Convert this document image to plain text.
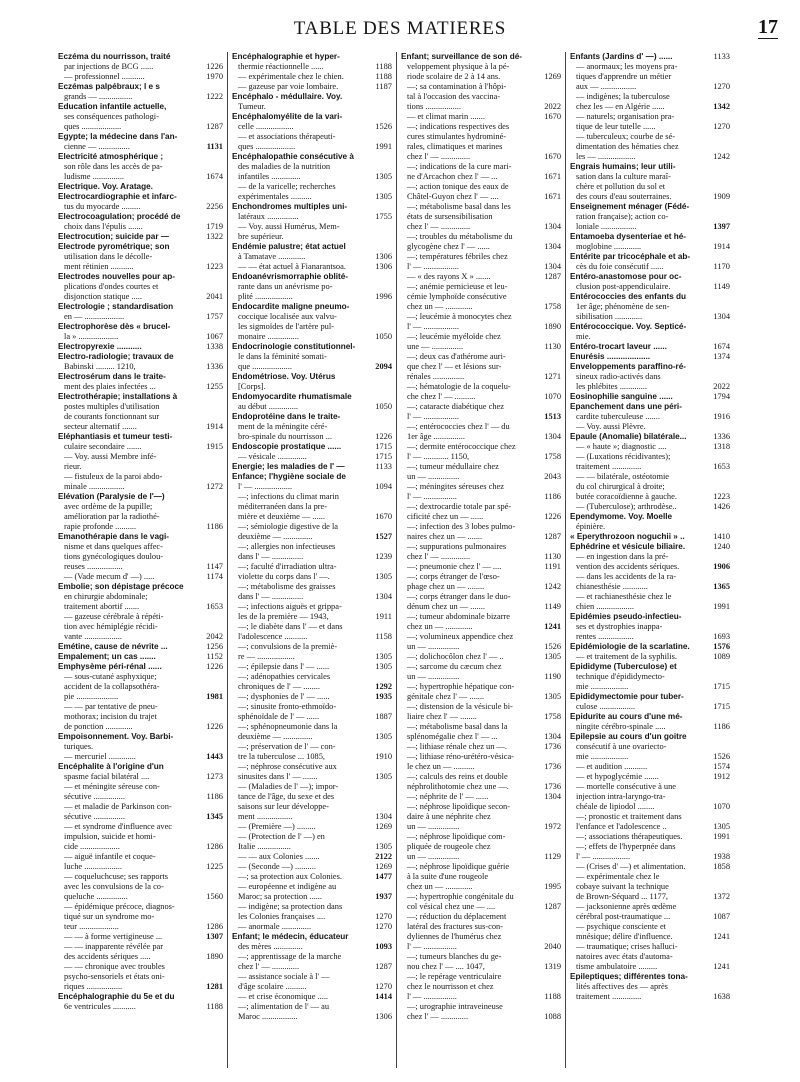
TABLE DES MATIERES	17
Eczéma du nourrisson, traité
par injections de BCG ......	1226
— professionnel ...........	1970
Eczémas palpébraux; l e s
grands — ................	1222
Education infantile actuelle,
ses conséquences pathologi-
ques ...................	1287
Egypte; la médecine dans l'an-
cienne — ...............	1131
Electricité atmosphérique ;
son rôle dans les accès de pa-
ludisme ...............	1674
Electrique. Voy. Aratage.
Electrocardiographie et infarc-
tus du myocarde .........	2256
Electrocoagulation; procédé de
choix dans l'épulis .......	1719
Electrocution; suicide par —	1322
Electrode pyrométrique; son
utilisation dans le décolle-
ment rétinien ...........	1223
Electrodes nouvelles pour ap-
plications d'ondes courtes et
disjonction statique .....	2041
Electrologie ; standardisation
en — ...................	1757
Electrophorèse dès « brucel-
la » ...................	1067
Electropyrexie ...........	1338
Electro-radiologie; travaux de
Babinski ......... 1210,	1336
Electrosérum dans le traite-
ment des plaies infectées ...	1255
Electrothérapie; installations à
postes multiples d'utilisation
de courants fonctionnant sur
secteur alternatif .......	1914
Eléphantiasis et tumeur testi-
culaire secondaire .......	1915
— Voy. aussi Membre infé-
rieur.
— fistuleux de la paroi abdo-
minale .................	1272
Elévation (Paralysie de l'—)
avec ordème de la pupille;
amélioration par la radiothé-
rapie profonde ..........	1186
Emanothérapie dans le vagi-
nisme et dans quelques affec-
tions gynécologiques doulou-
reuses .................	1147
— (Vade mecum d' —) .....	1174
Embolie; son dépistage précoce
en chirurgie abdominale;
traitement abortif .......	1653
— gazeuse cérébrale à répéti-
tion avec hémiplégie récidi-
vante ..................	2042
Emétine, cause de névrite ...	1256
Empalement; un cas .......	1152
Emphysème péri-rénal ......	1226
— sous-cutané asphyxique;
accident de la collapsothéra-
pie ....................	1981
— — par tentative de pneu-
mothorax; incision du trajet
de ponction .............	1226
Empoisonnement. Voy. Barbi-
turiques.
— mercuriel .............	1443
Encéphalite à l'origine d'un
spasme facial bilatéral ....	1273
— et méningite séreuse con-
sécutive ...............	1186
— et maladie de Parkinson con-
sécutive ...............	1345
— et syndrome d'influence avec
impulsion, suicide et homi-
cide ...................	1286
— aiguë infantile et coque-
luche ..................	1225
— coqueluchcuse; ses rapports
avec les convulsions de la co-
queluche ...............	1560
— épidémique précoce, diagnos-
tiqué sur un syndrome mo-
teur ...................	1286
— — à forme vertigineuse ...	1307
— — inapparente révélée par
des accidents sériques .....	1890
— — chronique avec troubles
psycho-sensoriels et états oni-
riques .................	1281
Encéphalographie du 5e et du
6e ventricules ...........	1188
Encéphalographie et hyper-
thermie réactionnelle ......	1188
— expérimentale chez le chien.	1188
— gazeuse par voie lombaire.	1187
Encéphalo - médullaire. Voy.
Tumeur.
Encéphalomyélite de la vari-
celle ..................	1526
— et associations thérapeuti-
ques ...................	1991
Encéphalopathie consécutive à
des maladies de la nutrition
infantiles ..............	1305
— de la varicelle; recherches
expérimentales ..........	1305
Enchondromes multiples uni-
latéraux ...............	1755
— Voy. aussi Humérus, Mem-
bre supérieur.
Endémie palustre; état actuel
à Tamatave .............	1306
— — état actuel à Fianarantsoa.	1306
Endoanévrismorraphie oblité-
rante dans un anévrisme po-
plité ..................	1996
Endocardite maligne pneumo-
coccique localisée aux valvu-
les sigmoïdes de l'artère pul-
monaire ...............	1050
Endocrinologie constitutionnel-
le dans la féminité somati-
que ...................	2094
Endométriose. Voy. Utérus
[Corps].
Endomyocardite rhumatismale
au début ..............	1050
Endoprotéine dans le traite-
ment de la méningite céré-
bro-spinale du nourrisson ...	1226
Endoscopie prostatique ......	1715
— vésicale ..............	1715
Energie; les maladies de l' —	1133
Enfance; l'hygiène sociale de
l' — ..................	1094
—; infections du climat marin
méditerranéen dans la pre-
mière et deuxième — ......	1670
—; sémiologie digestive de la
deuxième — ..............	1527
—; allergies non infectieuses
dans l' — ...............	1239
—; faculté d'irradiation ultra-
violette du corps dans l' —.	1305
—; métabolisme des graisses
dans l' — ...............	1304
—; infections aiguës et grippa-
les de la première — 1943,	1911
—; le diabète dans l' — et dans
l'adolescence ...........	1158
—; convulsions de la premiè-
re — ..................	1305
—; épilepsie dans l' — ......	1305
—; adénopathies cervicales
chroniques de l' — ........	1292
—; dysphonies de l' — ......	1935
—; sinusite fronto-ethmoïdo-
sphénoïdale de l' — ......	1887
—; sphénopneumonie dans la
deuxième — ..............	1305
—; préservation de l' — con-
tre la tuberculose ... 1085,	1910
—; néphrose consécutive aux
sinusites dans l' — .......	1305
— (Maladies de l' —); impor-
tance de l'âge, du sexe et des
saisons sur leur développe-
ment .................	1304
— (Première —) .........	1269
— (Protection de l' —) en
Italie ................	1305
— — aux Colonies .......	2122
— (Seconde —) ..........	1269
—; sa protection aux Colonies.	1477
— européenne et indigène au
Maroc; sa protection ......	1937
— indigène; sa protection dans
les Colonies françaises ....	1270
— anormale ..............	1270
Enfant; le médecin, éducateur
des mères ..............	1093
—; apprentissage de la marche
chez l' — .............	1287
— assistance sociale à l' —
d'âge scolaire ..........	1270
— et crise économique .....	1414
—; alimentation de l' — au
Maroc .................	1306
Enfant; surveillance de son dé-
veloppement physique à la pé-
riode scolaire de 2 à 14 ans.	1269
—; sa contamination à l'hôpi-
tal à l'occasion des vaccina-
tions .................	2022
— et climat marin .......	1670
—; indications respectives des
cures stimulantes hydrominé-
rales, climatiques et marines
chez l' — ..............	1670
—; indications de la cure mari-
ne d'Arcachon chez l' — ...	1671
—; action tonique des eaux de
Châtel-Guyon chez l' — ....	1671
—; métabolisme basal dans les
états de sursensibilisation
chez l' — ..............	1304
—; troubles du métabolisme du
glycogène chez l' — ......	1304
—; températures fébriles chez
l' — .................	1304
— « des rayons X » .......	1287
—; anémie pernicieuse et leu-
cémie lymphoïde consécutive
chez un — .............	1758
—; leucémie à monocytes chez
l' — .................	1890
—; leucémie myéloïde chez
une — ...............	1130
—; deux cas d'athérome auri-
que chez l' — et lésions sur-
rénales ...............	1271
—; hématologie de la coquelu-
che chez l' — ..........	1070
—; cataracte diabétique chez
l' — .................	1513
—; entérococcies chez l' — du
1er âge ...............	1304
—; dermite entérococcique chez
l' — ............ 1150,	1758
—; tumeur médullaire chez
un — ...............	2043
—; méningites séreuses chez
l' — ................	1186
—; dextrocardie totale par spé-
cificité chez un — ......	1226
—; infection des 3 lobes pulmo-
naires chez un — .......	1287
—; suppurations pulmonaires
chez l' — ..............	1130
—; pneumonie chez l' — ....	1191
—; corps étranger de l'œso-
phage chez un — ........	1242
—; corps étranger dans le duo-
dénum chez un — .......	1149
—; tumeur abdominale bizarre
chez un — .............	1241
—; volumineux appendice chez
un — ...............	1526
—; dolichocôlon chez l' — ..	1305
—; sarcome du cæcum chez
un — ...............	1190
—; hypertrophie hépatique con-
génitale chez l' — .......	1305
—; distension de la vésicule bi-
liaire chez l' — ........	1758
—; métabolisme basal dans la
splénomégalie chez l' — ...	1304
—; lithiase rénale chez un —.	1736
—; lithiase réno-urétéro-vésica-
le chez un — ..........	1736
—; calculs des reins et double
néphrolithotomie chez une —.	1736
—; néphrite de l' — ......	1304
—; néphrose lipoïdique secon-
daire à une néphrite chez
un — ...............	1972
—; néphrose lipoïdique com-
pliquée de rougeole chez
un — ...............	1129
—; néphrose lipoïdique guérie
à la suite d'une rougeole
chez un — .............	1995
—; hypertrophie congénitale du
col vésical chez une — ....	1287
—; réduction du déplacement
latéral des fractures sus-con-
dyliennes de l'humérus chez
l' — ................	2040
—; tumeurs blanches du ge-
nou chez l' — .... 1047,	1319
—; le repérage ventriculaire
chez le nourrisson et chez
l' — ................	1188
—; urographie intraveineuse
chez l' — .............	1088
Enfants (Jardins d' —) ......	1133
— anormaux; les moyens pra-
tiques d'apprendre un métier
aux — .................	1270
— indigènes; la tuberculose
chez les — en Algérie ......	1342
— naturels; organisation pra-
tique de leur tutelle ......	1270
— tuberculeux; courbe de sé-
dimentation des hématies chez
les — ..................	1242
Engrais humains; leur utili-
sation dans la culture maraî-
chère et pollution du sol et
des cours d'eau souterraines.	1909
Enseignement ménager (Fédé-
ration française); action co-
loniale .................	1397
Entamoeba dysenteriae et hé-
moglobine .............	1914
Entérite par tricocéphale et ab-
cès du foie consécutif ......	1170
Entéro-anastomose pour oc-
clusion post-appendiculaire.	1149
Entérococcies des enfants du
1er âge; phénomène de sen-
sibilisation .............	1304
Entérococcique. Voy. Septicé-
mie.
Entéro-trocart laveur ......	1674
Enurésis ...................	1374
Enveloppements paraffino-ré-
sineux radio-activés dans
les phlébites .............	2022
Eosinophilie sanguine ......	1794
Epanchement dans une péri-
cardite tuberculeuse .......	1916
— Voy. aussi Plèvre.
Epaule (Anomalie) bilatérale...	1336
— « haute »; diagnostic ....	1318
— (Luxations récidivantes);
traitement ..............	1653
— — bilatérale, ostéotomie
du col chirurgical à droite;
butée coracoïdienne à gauche.	1223
— (Tuberculose); arthrodèse..	1426
Ependymome. Voy. Moelle
épinière.
« Eperythrozoon noguchii » ..	1410
Ephédrine et vésicule biliaire.	1240
— en ingestion dans la pré-
vention des accidents sériques.	1906
— dans les accidents de la ra-
chianesthésie ............	1365
— et rachianesthésie chez le
chien ..................	1991
Epidémies pseudo-infectieu-
ses et dystrophies inappa-
rentes .................	1693
Epidémiologie de la scarlatine.	1576
— et traitement de la syphilis.	1089
Epididyme (Tuberculose) et
technique d'épididymecto-
mie ..................	1715
Epididymectomie pour tuber-
culose .................	1715
Epidurite au cours d'une mé-
ningite cérébro-spinale .....	1186
Epilepsie au cours d'un goitre
consécutif à une ovariecto-
mie ..................	1526
— et audition ...........	1574
— et hypoglycémie .......	1912
— mortelle consécutive à une
injection intra-laryngo-tra-
chéale de lipiodol ........	1070
—; pronostic et traitement dans
l'enfance et l'adolescence ..	1305
—; associations thérapeutiques.	1991
—; effets de l'hyperpnée dans
l' — ..................	1938
— (Crises d' —) et alimentation.	1858
— expérimentale chez le
cobaye suivant la technique
de Brown-Séquard ... 1177,	1372
— jacksonienne après œdème
cérébral post-traumatique ...	1087
— psychique consciente et
mnésique; délire d'influence.	1241
— traumatique; crises halluci-
natoires avec états d'automa-
tisme ambulatoire .........	1241
Epileptiques; différentes tona-
lités affectives des — après
traitement ..............	1638
